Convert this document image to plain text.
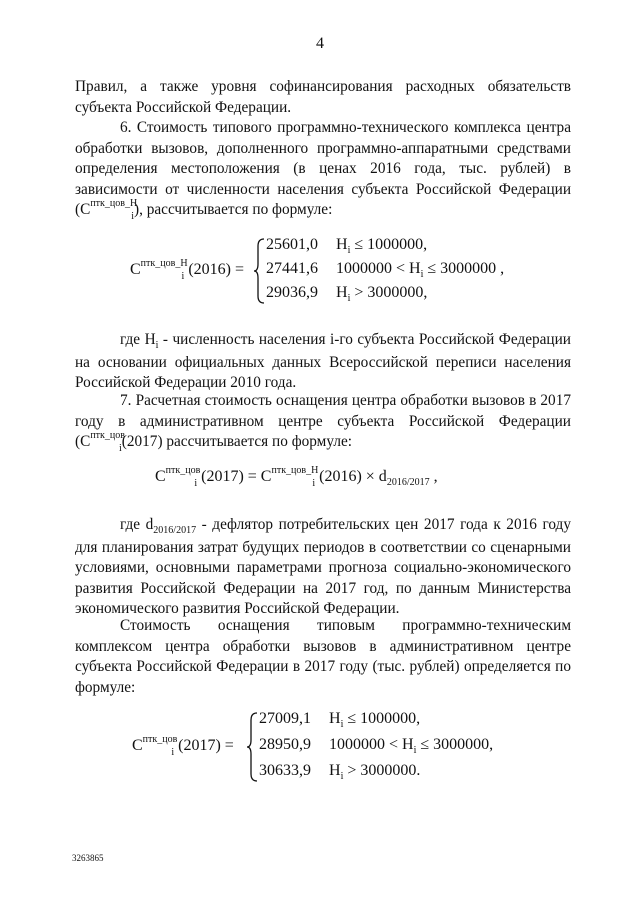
4

Правил, а также уровня софинансирования расходных обязательств субъекта Российской Федерации.

6. Стоимость типового программно-технического комплекса центра обработки вызовов, дополненного программно-аппаратными средствами определения местоположения (в ценах 2016 года, тыс. рублей) в зависимости от численности населения субъекта Российской Федерации $(C^{птк\_цов\_Н}_i)$, рассчитывается по формуле:

$C^{птк\_цов\_Н}_i$ (2016) =
25601,0 $H_i \le 1000000$,
27441,6 $1000000 < H_i \le 3000000$ ,
29036,9 $H_i > 3000000$,

где $H_i$ - численность населения i-го субъекта Российской Федерации на основании официальных данных Всероссийской переписи населения Российской Федерации 2010 года.

7. Расчетная стоимость оснащения центра обработки вызовов в 2017 году в административном центре субъекта Российской Федерации ($C^{птк\_цов}_i(2017)$ рассчитывается по формуле:

$C^{птк\_цов}_i$ $(2017) = C^{птк\_цов\_Н}_i$ $(2016) \times d_{2016/2017}$ ,

где $d_{2016/2017}$ - дефлятор потребительских цен 2017 года к 2016 году для планирования затрат будущих периодов в соответствии со сценарными условиями, основными параметрами прогноза социально-экономического развития Российской Федерации на 2017 год, по данным Министерства экономического развития Российской Федерации.

Стоимость оснащения типовым программно-техническим комплексом центра обработки вызовов в административном центре субъекта Российской Федерации в 2017 году (тыс. рублей) определяется по формуле:

$C^{птк\_цов}_i$ (2017) =
27009,1 $H_i \le 1000000$,
28950,9 $1000000 < H_i \le 3000000$,
30633,9 $H_i > 3000000$.
3263865
